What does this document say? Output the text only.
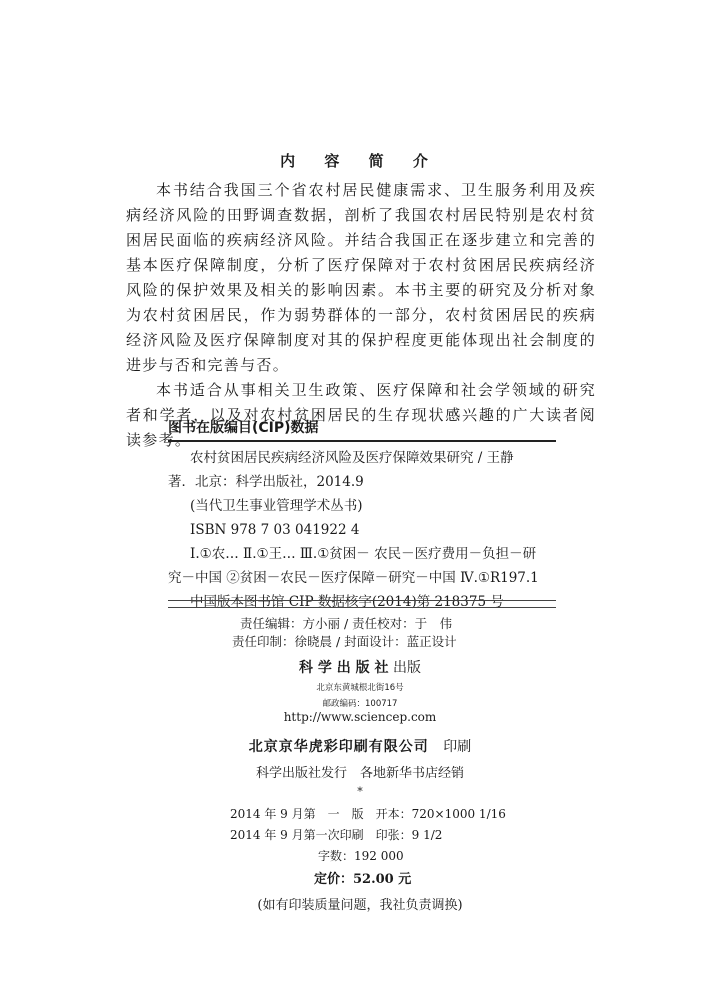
内 容 简 介

本书结合我国三个省农村居民健康需求、卫生服务利用及疾病经济风险的田野调查数据，剖析了我国农村居民特别是农村贫困居民面临的疾病经济风险。并结合我国正在逐步建立和完善的基本医疗保障制度，分析了医疗保障对于农村贫困居民疾病经济风险的保护效果及相关的影响因素。本书主要的研究及分析对象为农村贫困居民，作为弱势群体的一部分，农村贫困居民的疾病经济风险及医疗保障制度对其的保护程度更能体现出社会制度的进步与否和完善与否。

本书适合从事相关卫生政策、医疗保障和社会学领域的研究者和学者，以及对农村贫困居民的生存现状感兴趣的广大读者阅读参考。

图书在版编目(CIP)数据
农村贫困居民疾病经济风险及医疗保障效果研究 / 王静
著．北京：科学出版社，2014.9
(当代卫生事业管理学术丛书)
ISBN 978 7 03 041922 4
Ⅰ.①农… Ⅱ.①王… Ⅲ.①贫困－ 农民－医疗费用－负担－研
究－中国 ②贫困－农民－医疗保障－研究－中国 Ⅳ.①R197.1
中国版本图书馆 CIP 数据核字(2014)第 218375 号
责任编辑：方小丽 / 责任校对：于　伟
责任印制：徐晓晨 / 封面设计：蓝正设计
科 学 出 版 社 出版
北京东黄城根北街16号
邮政编码：100717
http://www.sciencep.com
北京京华虎彩印刷有限公司 印刷
科学出版社发行　各地新华书店经销
*
2014 年 9 月第　一　版　开本：720×1000 1/16
2014 年 9 月第一次印刷　印张：9 1/2
字数：192 000
定价：52.00 元
(如有印装质量问题，我社负责调换)
